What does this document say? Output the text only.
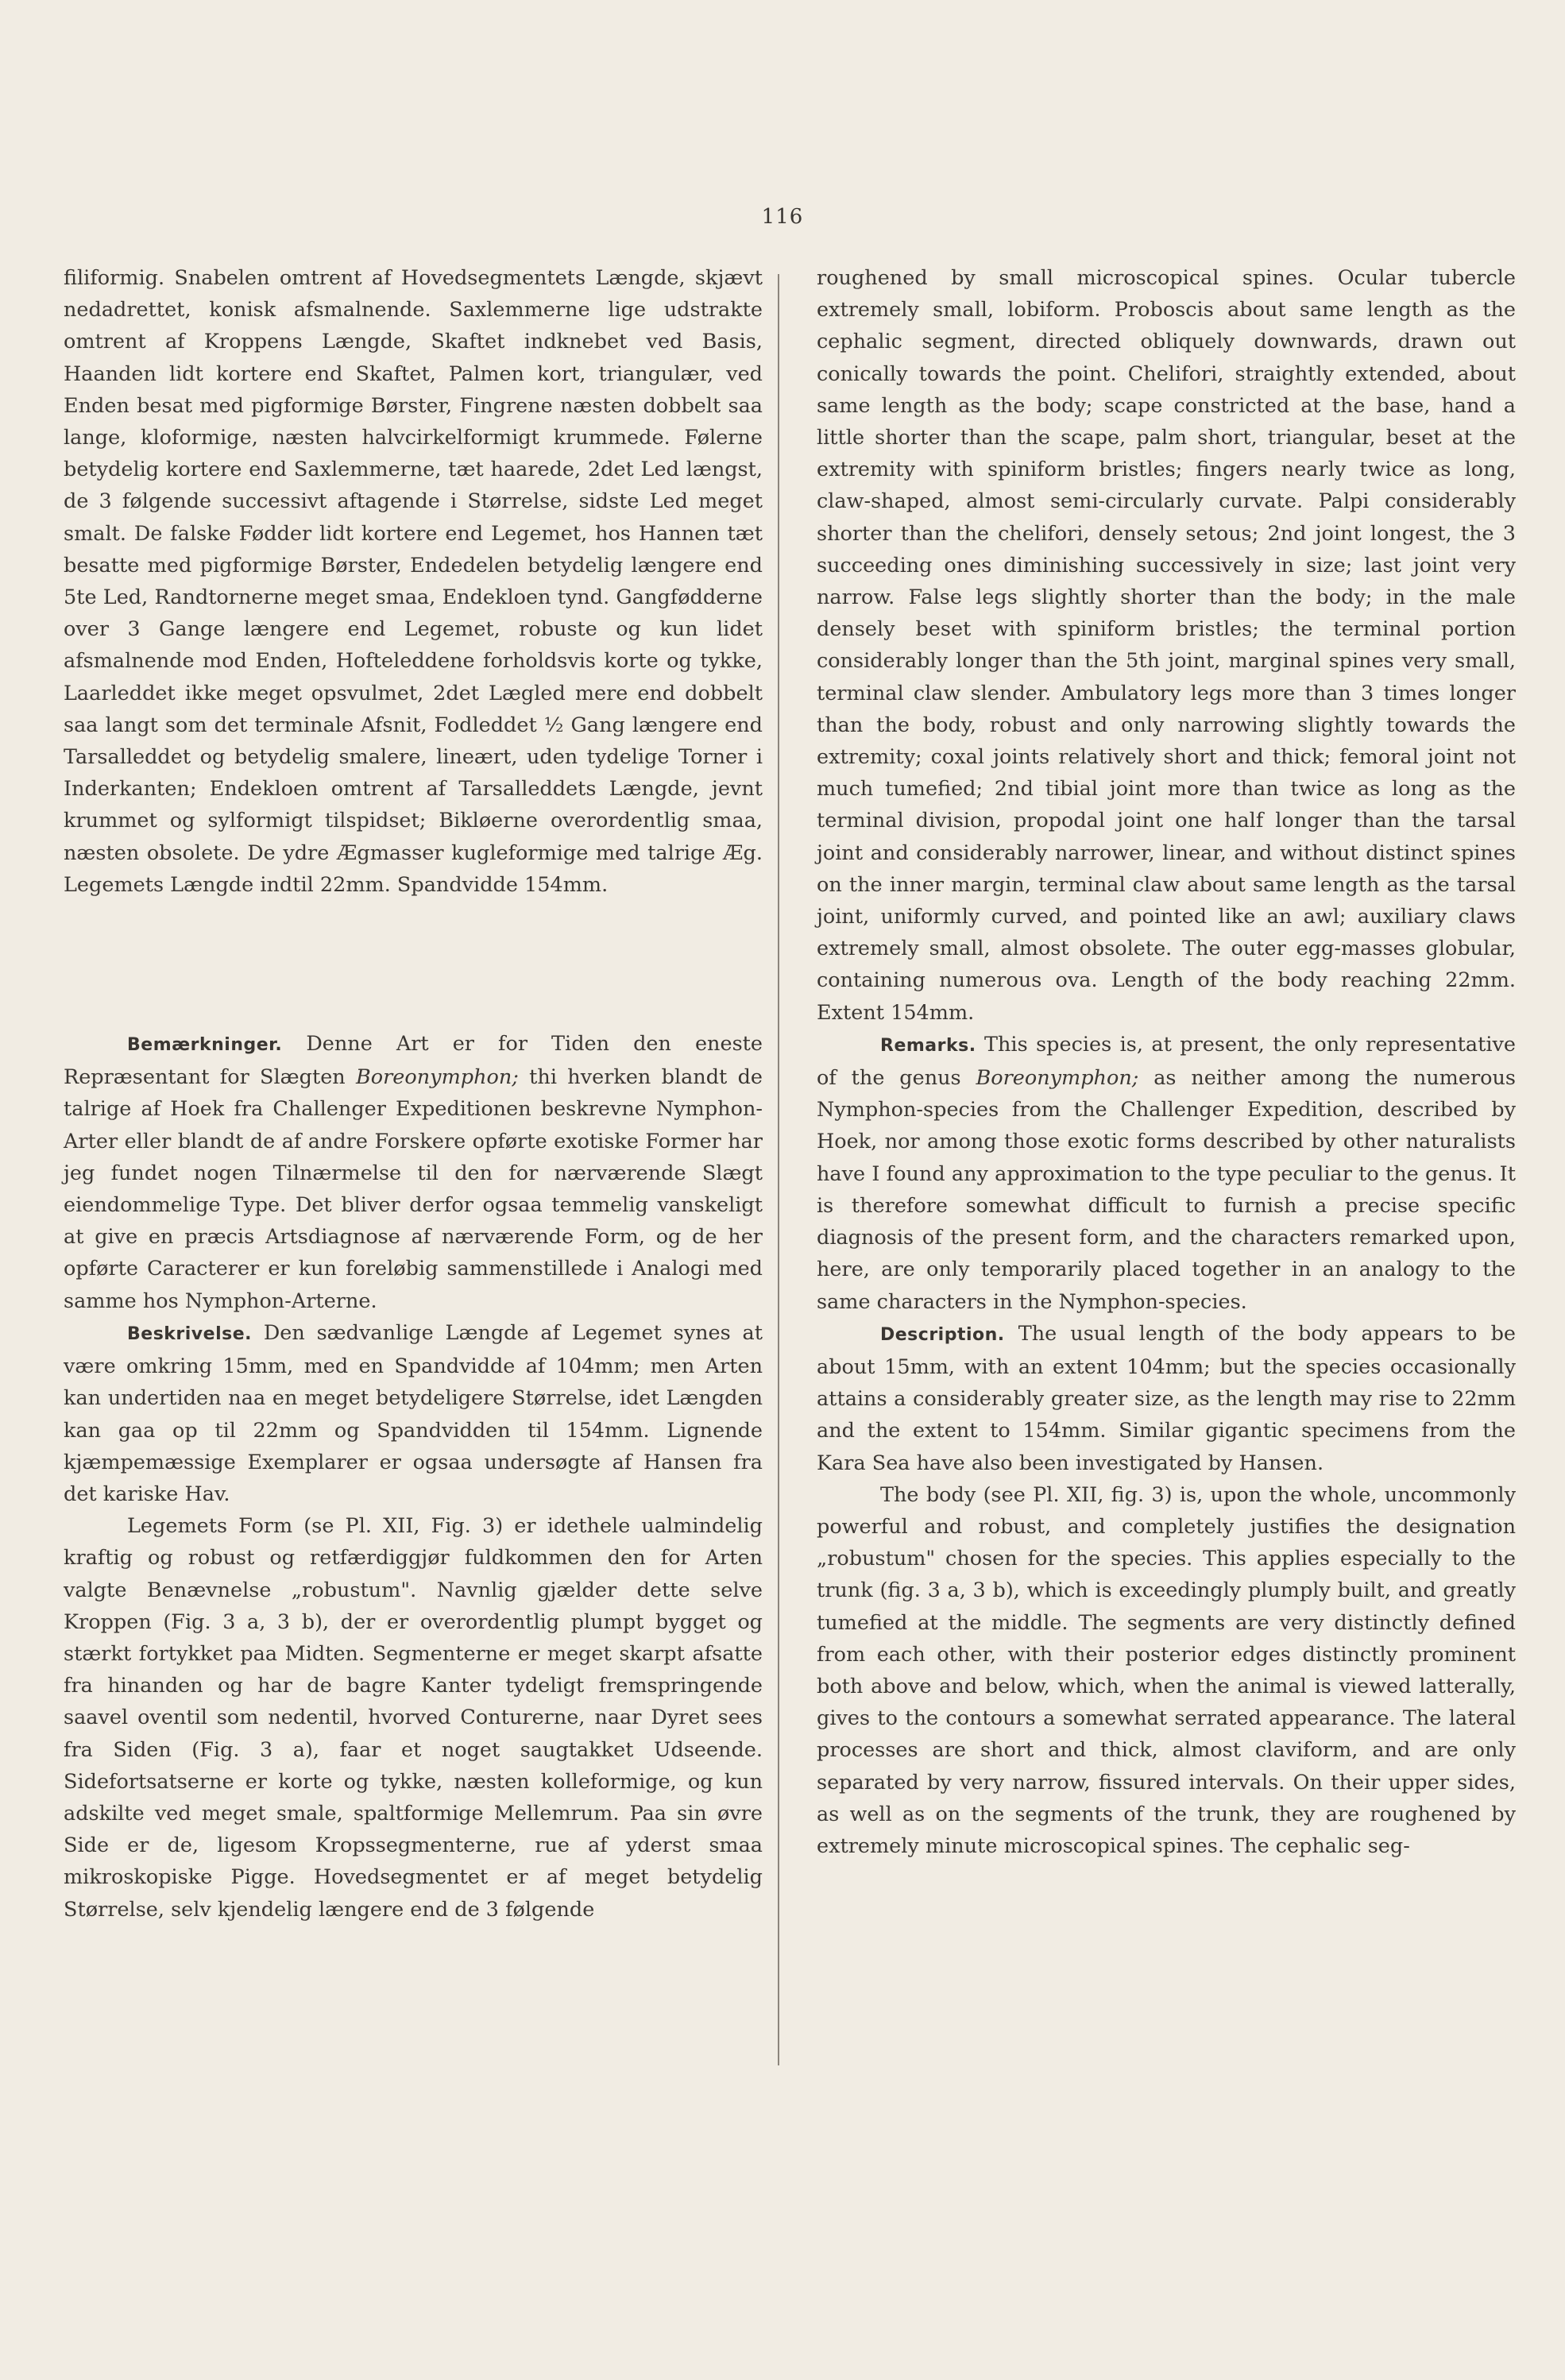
116

filiformig. Snabelen omtrent af Hovedsegmentets Længde, skjævt nedadrettet, konisk afsmalnende. Saxlemmerne lige udstrakte omtrent af Kroppens Længde, Skaftet indknebet ved Basis, Haanden lidt kortere end Skaftet, Palmen kort, triangulær, ved Enden besat med pigformige Børster, Fingrene næsten dobbelt saa lange, kloformige, næsten halvcirkelformigt krummede. Følerne betydelig kortere end Saxlemmerne, tæt haarede, 2det Led længst, de 3 følgende successivt aftagende i Størrelse, sidste Led meget smalt. De falske Fødder lidt kortere end Legemet, hos Hannen tæt besatte med pigformige Børster, Endedelen betydelig længere end 5te Led, Randtornerne meget smaa, Endekloen tynd. Gangfødderne over 3 Gange længere end Legemet, robuste og kun lidet afsmalnende mod Enden, Hofteleddene forholdsvis korte og tykke, Laarleddet ikke meget opsvulmet, 2det Lægled mere end dobbelt saa langt som det terminale Afsnit, Fodleddet ½ Gang længere end Tarsalleddet og betydelig smalere, lineært, uden tydelige Torner i Inderkanten; Endekloen omtrent af Tarsalleddets Længde, jevnt krummet og sylformigt tilspidset; Bikløerne overordentlig smaa, næsten obsolete. De ydre Ægmasser kugleformige med talrige Æg. Legemets Længde indtil 22mm. Spandvidde 154mm.

Bemærkninger. Denne Art er for Tiden den eneste Repræsentant for Slægten Boreonymphon; thi hverken blandt de talrige af Hoek fra Challenger Expeditionen beskrevne Nymphon-Arter eller blandt de af andre Forskere opførte exotiske Former har jeg fundet nogen Tilnærmelse til den for nærværende Slægt eiendommelige Type. Det bliver derfor ogsaa temmelig vanskeligt at give en præcis Artsdiagnose af nærværende Form, og de her opførte Caracterer er kun foreløbig sammenstillede i Analogi med samme hos Nymphon-Arterne.

Beskrivelse. Den sædvanlige Længde af Legemet synes at være omkring 15mm, med en Spandvidde af 104mm; men Arten kan undertiden naa en meget betydeligere Størrelse, idet Længden kan gaa op til 22mm og Spandvidden til 154mm. Lignende kjæmpemæssige Exemplarer er ogsaa undersøgte af Hansen fra det kariske Hav.

Legemets Form (se Pl. XII, Fig. 3) er idethele ualmindelig kraftig og robust og retfærdiggjør fuldkommen den for Arten valgte Benævnelse „robustum". Navnlig gjælder dette selve Kroppen (Fig. 3 a, 3 b), der er overordentlig plumpt bygget og stærkt fortykket paa Midten. Segmenterne er meget skarpt afsatte fra hinanden og har de bagre Kanter tydeligt fremspringende saavel oventil som nedentil, hvorved Conturerne, naar Dyret sees fra Siden (Fig. 3 a), faar et noget saugtakket Udseende. Sidefortsatserne er korte og tykke, næsten kolleformige, og kun adskilte ved meget smale, spaltformige Mellemrum. Paa sin øvre Side er de, ligesom Kropssegmenterne, rue af yderst smaa mikroskopiske Pigge. Hovedsegmentet er af meget betydelig Størrelse, selv kjendelig længere end de 3 følgende

roughened by small microscopical spines. Ocular tubercle extremely small, lobiform. Proboscis about same length as the cephalic segment, directed obliquely downwards, drawn out conically towards the point. Chelifori, straightly extended, about same length as the body; scape constricted at the base, hand a little shorter than the scape, palm short, triangular, beset at the extremity with spiniform bristles; fingers nearly twice as long, claw-shaped, almost semi-circularly curvate. Palpi considerably shorter than the chelifori, densely setous; 2nd joint longest, the 3 succeeding ones diminishing successively in size; last joint very narrow. False legs slightly shorter than the body; in the male densely beset with spiniform bristles; the terminal portion considerably longer than the 5th joint, marginal spines very small, terminal claw slender. Ambulatory legs more than 3 times longer than the body, robust and only narrowing slightly towards the extremity; coxal joints relatively short and thick; femoral joint not much tumefied; 2nd tibial joint more than twice as long as the terminal division, propodal joint one half longer than the tarsal joint and considerably narrower, linear, and without distinct spines on the inner margin, terminal claw about same length as the tarsal joint, uniformly curved, and pointed like an awl; auxiliary claws extremely small, almost obsolete. The outer egg-masses globular, containing numerous ova. Length of the body reaching 22mm. Extent 154mm.

Remarks. This species is, at present, the only representative of the genus Boreonymphon; as neither among the numerous Nymphon-species from the Challenger Expedition, described by Hoek, nor among those exotic forms described by other naturalists have I found any approximation to the type peculiar to the genus. It is therefore somewhat difficult to furnish a precise specific diagnosis of the present form, and the characters remarked upon, here, are only temporarily placed together in an analogy to the same characters in the Nymphon-species.

Description. The usual length of the body appears to be about 15mm, with an extent 104mm; but the species occasionally attains a considerably greater size, as the length may rise to 22mm and the extent to 154mm. Similar gigantic specimens from the Kara Sea have also been investigated by Hansen.

The body (see Pl. XII, fig. 3) is, upon the whole, uncommonly powerful and robust, and completely justifies the designation „robustum" chosen for the species. This applies especially to the trunk (fig. 3 a, 3 b), which is exceedingly plumply built, and greatly tumefied at the middle. The segments are very distinctly defined from each other, with their posterior edges distinctly prominent both above and below, which, when the animal is viewed latterally, gives to the contours a somewhat serrated appearance. The lateral processes are short and thick, almost claviform, and are only separated by very narrow, fissured intervals. On their upper sides, as well as on the segments of the trunk, they are roughened by extremely minute microscopical spines. The cephalic seg-
